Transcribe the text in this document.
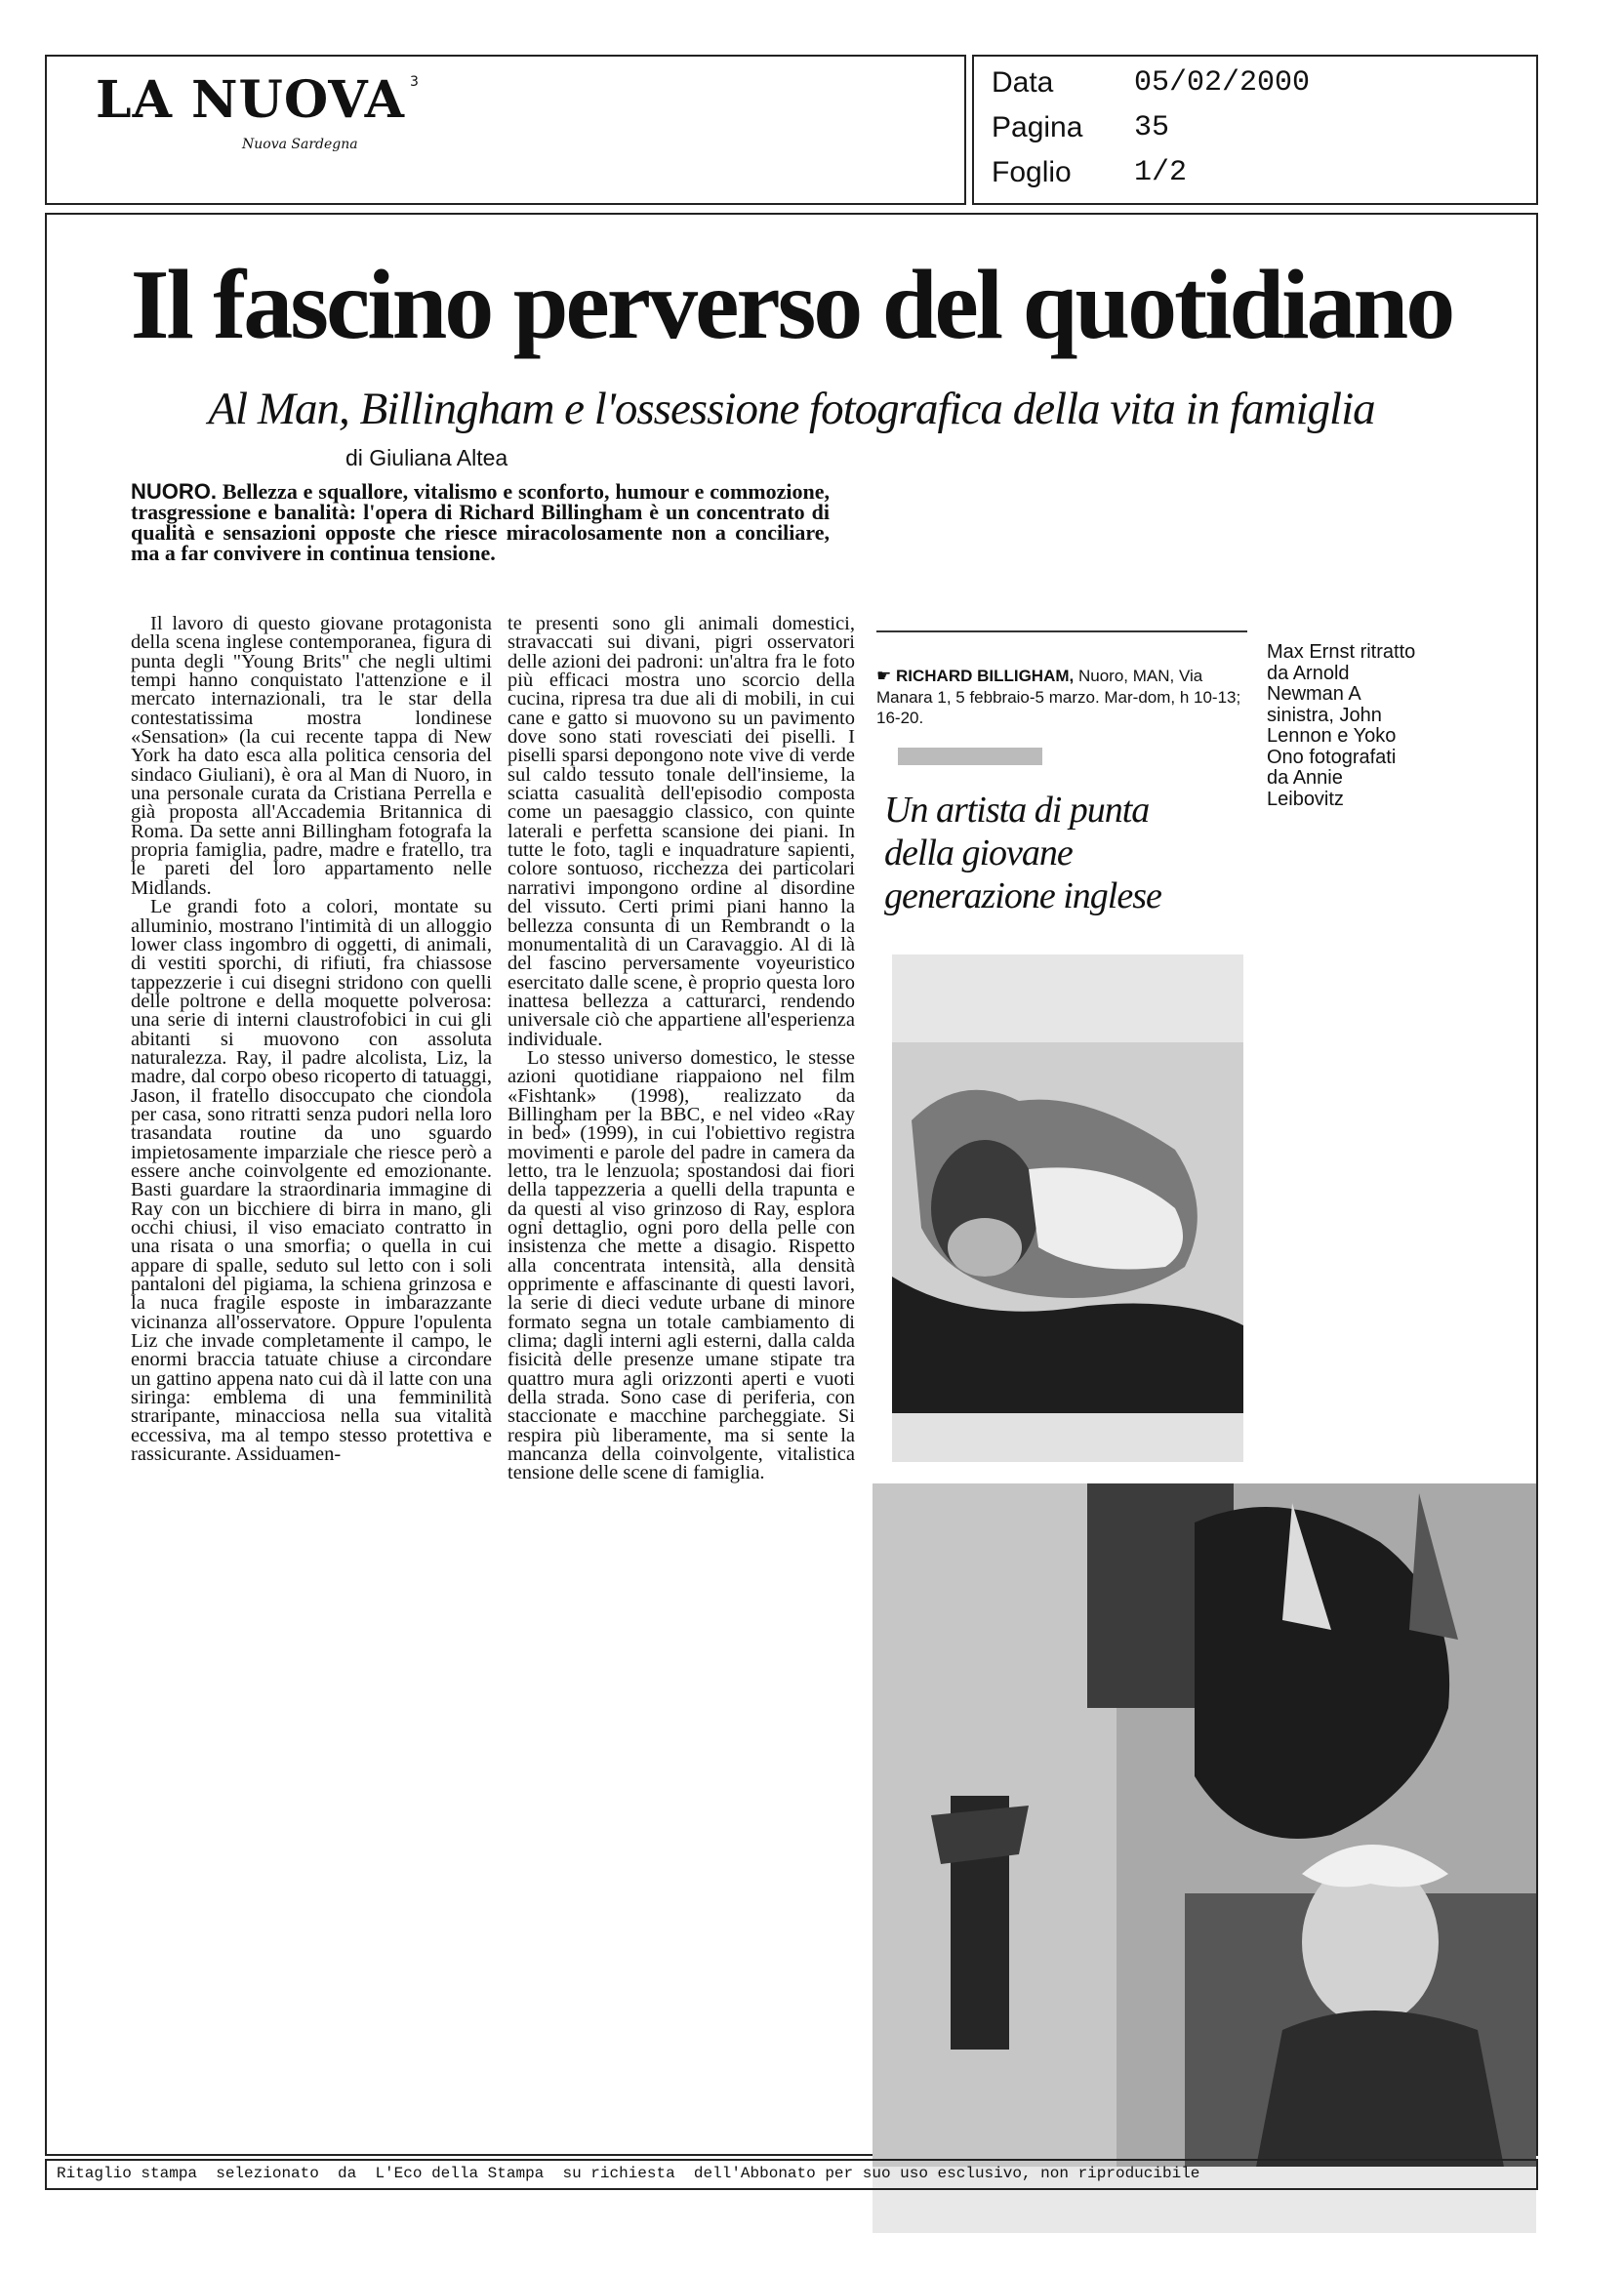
LA NUOVA 3
Nuova Sardegna
Data	05/02/2000
Pagina 35
Foglio 1/2
Il fascino perverso del quotidiano
Al Man, Billingham e l'ossessione fotografica della vita in famiglia
di Giuliana Altea
NUORO. Bellezza e squallore, vitalismo e sconforto, humour e commozione, trasgressione e banalità: l'opera di Richard Billingham è un concentrato di qualità e sensazioni opposte che riesce miracolosamente non a conciliare, ma a far convivere in continua tensione.

Il lavoro di questo giovane protagonista della scena inglese contemporanea, figura di punta degli "Young Brits" che negli ultimi tempi hanno conquistato l'attenzione e il mercato internazionali, tra le star della contestatissima mostra londinese «Sensation» (la cui recente tappa di New York ha dato esca alla politica censoria del sindaco Giuliani), è ora al Man di Nuoro, in una personale curata da Cristiana Perrella e già proposta all'Accademia Britannica di Roma. Da sette anni Billingham fotografa la propria famiglia, padre, madre e fratello, tra le pareti del loro appartamento nelle Midlands.

Le grandi foto a colori, montate su alluminio, mostrano l'intimità di un alloggio lower class ingombro di oggetti, di animali, di vestiti sporchi, di rifiuti, fra chiassose tappezzerie i cui disegni stridono con quelli delle poltrone e della moquette polverosa: una serie di interni claustrofobici in cui gli abitanti si muovono con assoluta naturalezza. Ray, il padre alcolista, Liz, la madre, dal corpo obeso ricoperto di tatuaggi, Jason, il fratello disoccupato che ciondola per casa, sono ritratti senza pudori nella loro trasandata routine da uno sguardo impietosamente imparziale che riesce però a essere anche coinvolgente ed emozionante. Basti guardare la straordinaria immagine di Ray con un bicchiere di birra in mano, gli occhi chiusi, il viso emaciato contratto in una risata o una smorfia; o quella in cui appare di spalle, seduto sul letto con i soli pantaloni del pigiama, la schiena grinzosa e la nuca fragile esposte in imbarazzante vicinanza all'osservatore. Oppure l'opulenta Liz che invade completamente il campo, le enormi braccia tatuate chiuse a circondare un gattino appena nato cui dà il latte con una siringa: emblema di una femminilità straripante, minacciosa nella sua vitalità eccessiva, ma al tempo stesso protettiva e rassicurante. Assiduamen-

te presenti sono gli animali domestici, stravaccati sui divani, pigri osservatori delle azioni dei padroni: un'altra fra le foto più efficaci mostra uno scorcio della cucina, ripresa tra due ali di mobili, in cui cane e gatto si muovono su un pavimento dove sono stati rovesciati dei piselli. I piselli sparsi depongono note vive di verde sul caldo tessuto tonale dell'insieme, la sciatta casualità dell'episodio composta come un paesaggio classico, con quinte laterali e perfetta scansione dei piani. In tutte le foto, tagli e inquadrature sapienti, colore sontuoso, ricchezza dei particolari narrativi impongono ordine al disordine del vissuto. Certi primi piani hanno la bellezza consunta di un Rembrandt o la monumentalità di un Caravaggio. Al di là del fascino perversamente voyeuristico esercitato dalle scene, è proprio questa loro inattesa bellezza a catturarci, rendendo universale ciò che appartiene all'esperienza individuale.

Lo stesso universo domestico, le stesse azioni quotidiane riappaiono nel film «Fishtank» (1998), realizzato da Billingham per la BBC, e nel video «Ray in bed» (1999), in cui l'obiettivo registra movimenti e parole del padre in camera da letto, tra le lenzuola; spostandosi dai fiori della tappezzeria a quelli della trapunta e da questi al viso grinzoso di Ray, esplora ogni dettaglio, ogni poro della pelle con insistenza che mette a disagio. Rispetto alla concentrata intensità, alla densità opprimente e affascinante di questi lavori, la serie di dieci vedute urbane di minore formato segna un totale cambiamento di clima; dagli interni agli esterni, dalla calda fisicità delle presenze umane stipate tra quattro mura agli orizzonti aperti e vuoti della strada. Sono case di periferia, con staccionate e macchine parcheggiate. Si respira più liberamente, ma si sente la mancanza della coinvolgente, vitalistica tensione delle scene di famiglia.

☛ RICHARD BILLIGHAM, Nuoro, MAN, Via Manara 1, 5 febbraio-5 marzo. Mar-dom, h 10-13; 16-20.
Un artista di punta della giovane generazione inglese
Max Ernst ritratto da Arnold Newman A sinistra, John Lennon e Yoko Ono fotografati da Annie Leibovitz
Ritaglio stampa  selezionato  da  L'Eco della Stampa  su richiesta  dell'Abbonato per suo uso esclusivo, non riproducibile
